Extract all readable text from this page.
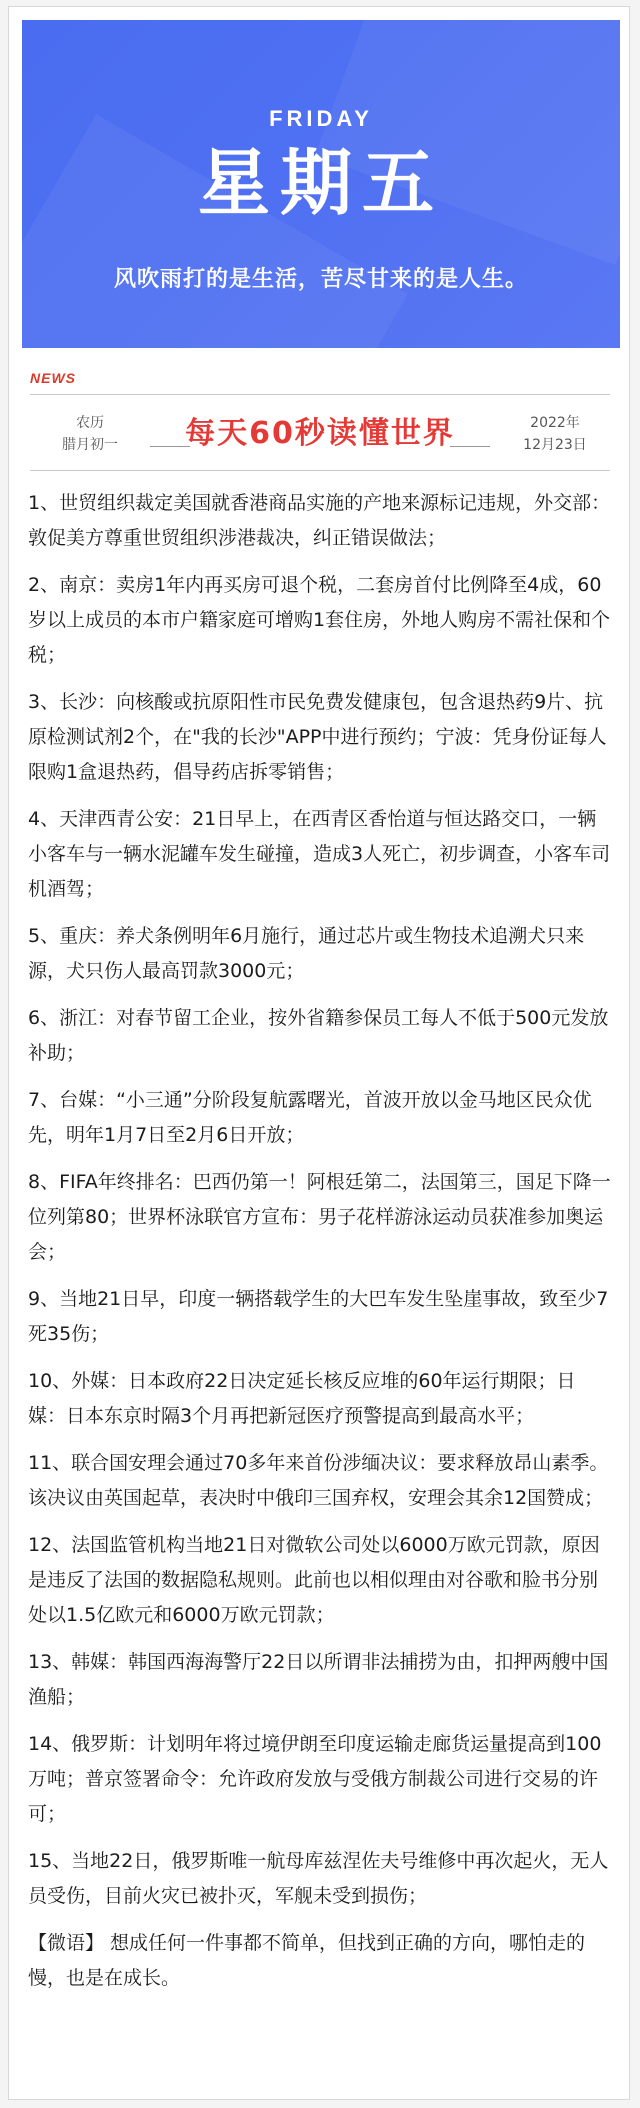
FRIDAY
星期五
风吹雨打的是生活，苦尽甘来的是人生。
NEWS
农历
腊月初一	每天60秒读懂世界	2022年
12月23日

1、世贸组织裁定美国就香港商品实施的产地来源标记违规，外交部：敦促美方尊重世贸组织涉港裁决，纠正错误做法；

2、南京：卖房1年内再买房可退个税，二套房首付比例降至4成，60岁以上成员的本市户籍家庭可增购1套住房，外地人购房不需社保和个税；

3、长沙：向核酸或抗原阳性市民免费发健康包，包含退热药9片、抗原检测试剂2个，在"我的长沙"APP中进行预约；宁波：凭身份证每人限购1盒退热药，倡导药店拆零销售；

4、天津西青公安：21日早上，在西青区香怡道与恒达路交口，一辆小客车与一辆水泥罐车发生碰撞，造成3人死亡，初步调查，小客车司机酒驾；

5、重庆：养犬条例明年6月施行，通过芯片或生物技术追溯犬只来源，犬只伤人最高罚款3000元；

6、浙江：对春节留工企业，按外省籍参保员工每人不低于500元发放补助；

7、台媒：“小三通”分阶段复航露曙光，首波开放以金马地区民众优先，明年1月7日至2月6日开放；

8、FIFA年终排名：巴西仍第一！阿根廷第二，法国第三，国足下降一位列第80；世界杯泳联官方宣布：男子花样游泳运动员获准参加奥运会；

9、当地21日早，印度一辆搭载学生的大巴车发生坠崖事故，致至少7死35伤；

10、外媒：日本政府22日决定延长核反应堆的60年运行期限；日媒：日本东京时隔3个月再把新冠医疗预警提高到最高水平；

11、联合国安理会通过70多年来首份涉缅决议：要求释放昂山素季。该决议由英国起草，表决时中俄印三国弃权，安理会其余12国赞成；

12、法国监管机构当地21日对微软公司处以6000万欧元罚款，原因是违反了法国的数据隐私规则。此前也以相似理由对谷歌和脸书分别处以1.5亿欧元和6000万欧元罚款；

13、韩媒：韩国西海海警厅22日以所谓非法捕捞为由，扣押两艘中国渔船；

14、俄罗斯：计划明年将过境伊朗至印度运输走廊货运量提高到100万吨；普京签署命令：允许政府发放与受俄方制裁公司进行交易的许可；

15、当地22日，俄罗斯唯一航母库兹涅佐夫号维修中再次起火，无人员受伤，目前火灾已被扑灭，军舰未受到损伤；

【微语】 想成任何一件事都不简单，但找到正确的方向，哪怕走的慢，也是在成长。
